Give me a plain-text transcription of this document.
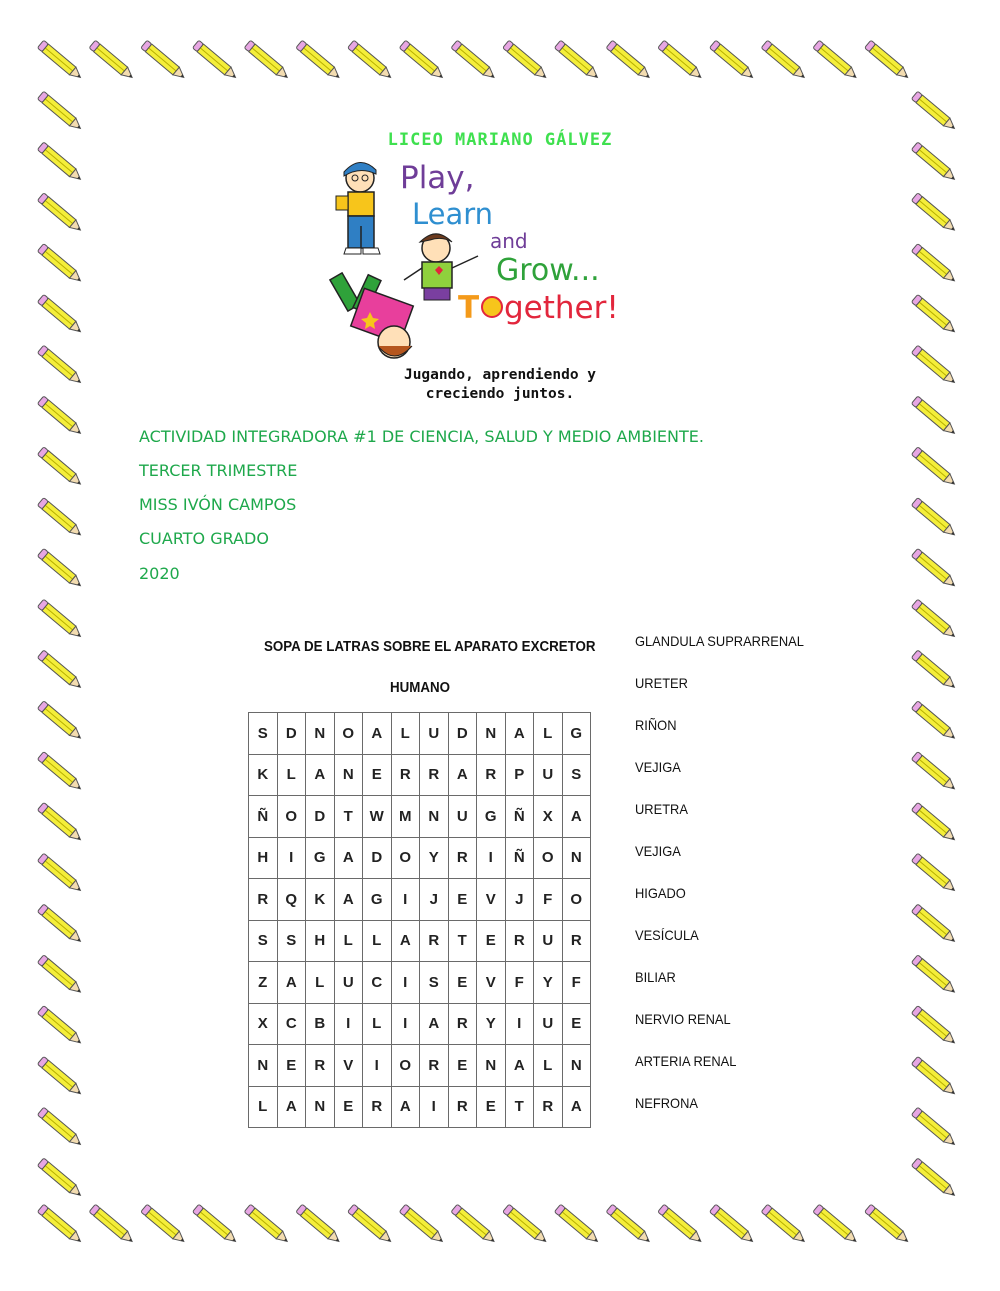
LICEO MARIANO GÁLVEZ
Play,
Learn
and
Grow...
T gether!
Jugando, aprendiendo y
creciendo juntos.
ACTIVIDAD INTEGRADORA #1 DE CIENCIA, SALUD Y MEDIO AMBIENTE.
TERCER TRIMESTRE
MISS IVÓN CAMPOS
CUARTO GRADO
2020
SOPA DE LATRAS SOBRE EL APARATO EXCRETOR
HUMANO
S	D	N	O	A	L	U	D	N	A	L	G
K	L	A	N	E	R	R	A	R	P	U	S
Ñ	O	D	T	W	M	N	U	G	Ñ	X	A
H	I	G	A	D	O	Y	R	I	Ñ	O	N
R	Q	K	A	G	I	J	E	V	J	F	O
S	S	H	L	L	A	R	T	E	R	U	R
Z	A	L	U	C	I	S	E	V	F	Y	F
X	C	B	I	L	I	A	R	Y	I	U	E
N	E	R	V	I	O	R	E	N	A	L	N
L	A	N	E	R	A	I	R	E	T	R	A
GLANDULA SUPRARRENAL
URETER
RIÑON
VEJIGA
URETRA
VEJIGA
HIGADO
VESÍCULA
BILIAR
NERVIO RENAL
ARTERIA RENAL
NEFRONA
